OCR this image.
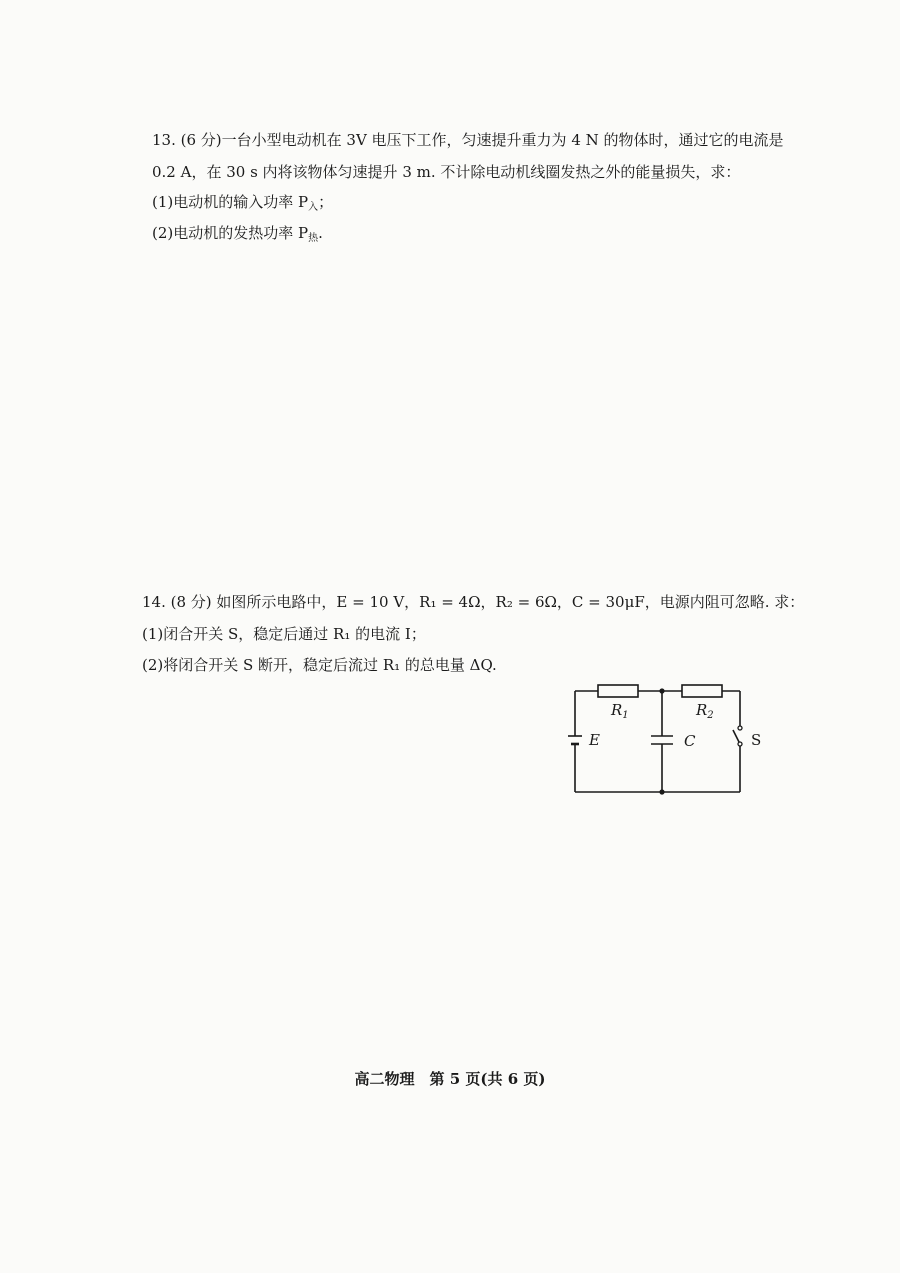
13. (6 分)一台小型电动机在 3V 电压下工作，匀速提升重力为 4 N 的物体时，通过它的电流是
0.2 A，在 30 s 内将该物体匀速提升 3 m. 不计除电动机线圈发热之外的能量损失，求：
(1)电动机的输入功率 $P_入$；
(2)电动机的发热功率 $P_热$.
14. (8 分) 如图所示电路中，E = 10 V，R₁ = 4Ω，R₂ = 6Ω，C = 30μF，电源内阻可忽略. 求：
(1)闭合开关 S，稳定后通过 R₁ 的电流 I；
(2)将闭合开关 S 断开，稳定后流过 R₁ 的总电量 ΔQ.
$R_1$	$R_2$
E	C	S
高二物理　第 5 页(共 6 页)
